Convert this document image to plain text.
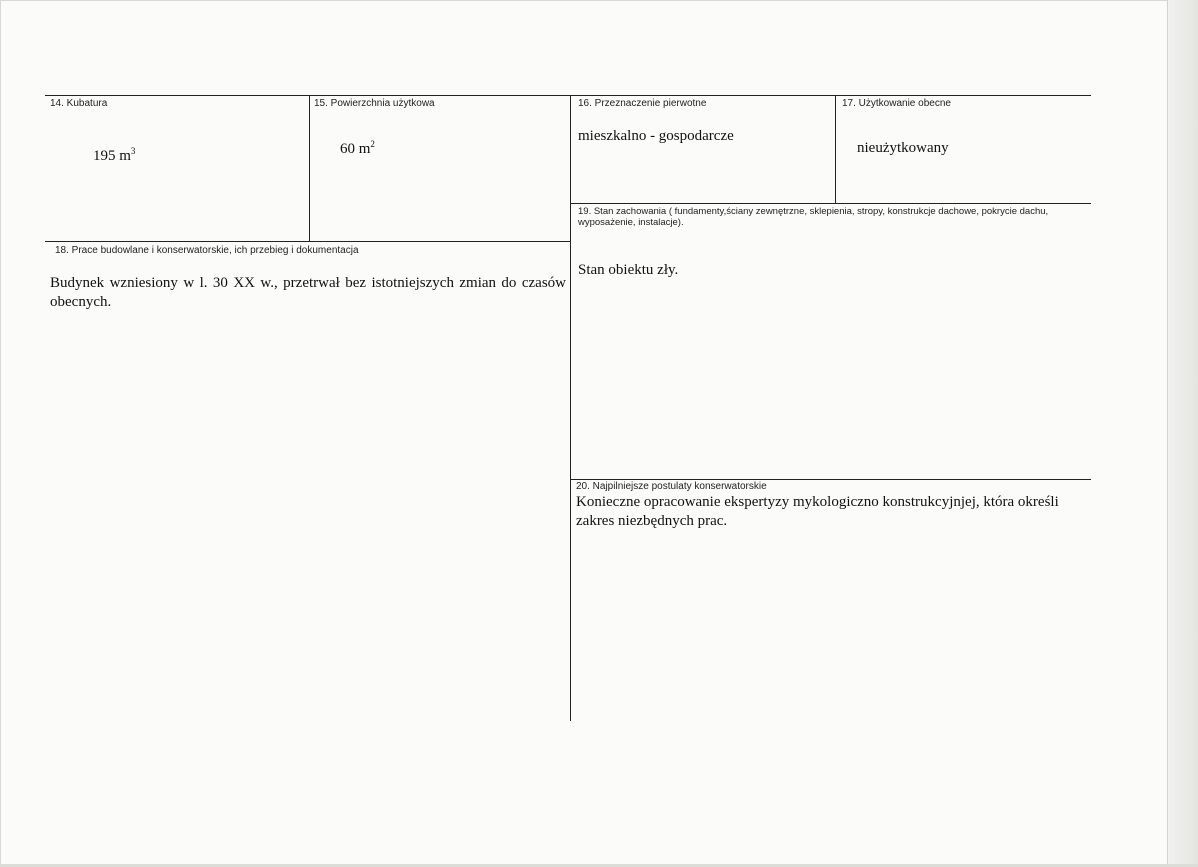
14. Kubatura
195 $m^3$
15. Powierzchnia użytkowa
60 $m^2$
16. Przeznaczenie pierwotne
mieszkalno - gospodarcze
17. Użytkowanie obecne
nieużytkowany
19. Stan zachowania ( fundamenty,ściany zewnętrzne, sklepienia, stropy, konstrukcje dachowe, pokrycie dachu, wyposażenie, instalacje).
Stan obiektu zły.
18. Prace budowlane i konserwatorskie, ich przebieg i dokumentacja
Budynek wzniesiony w l. 30 XX w., przetrwał bez istotniejszych zmian do czasów obecnych.
20. Najpilniejsze postulaty konserwatorskie
Konieczne opracowanie ekspertyzy mykologiczno konstrukcyjnjej, która określi zakres niezbędnych prac.
